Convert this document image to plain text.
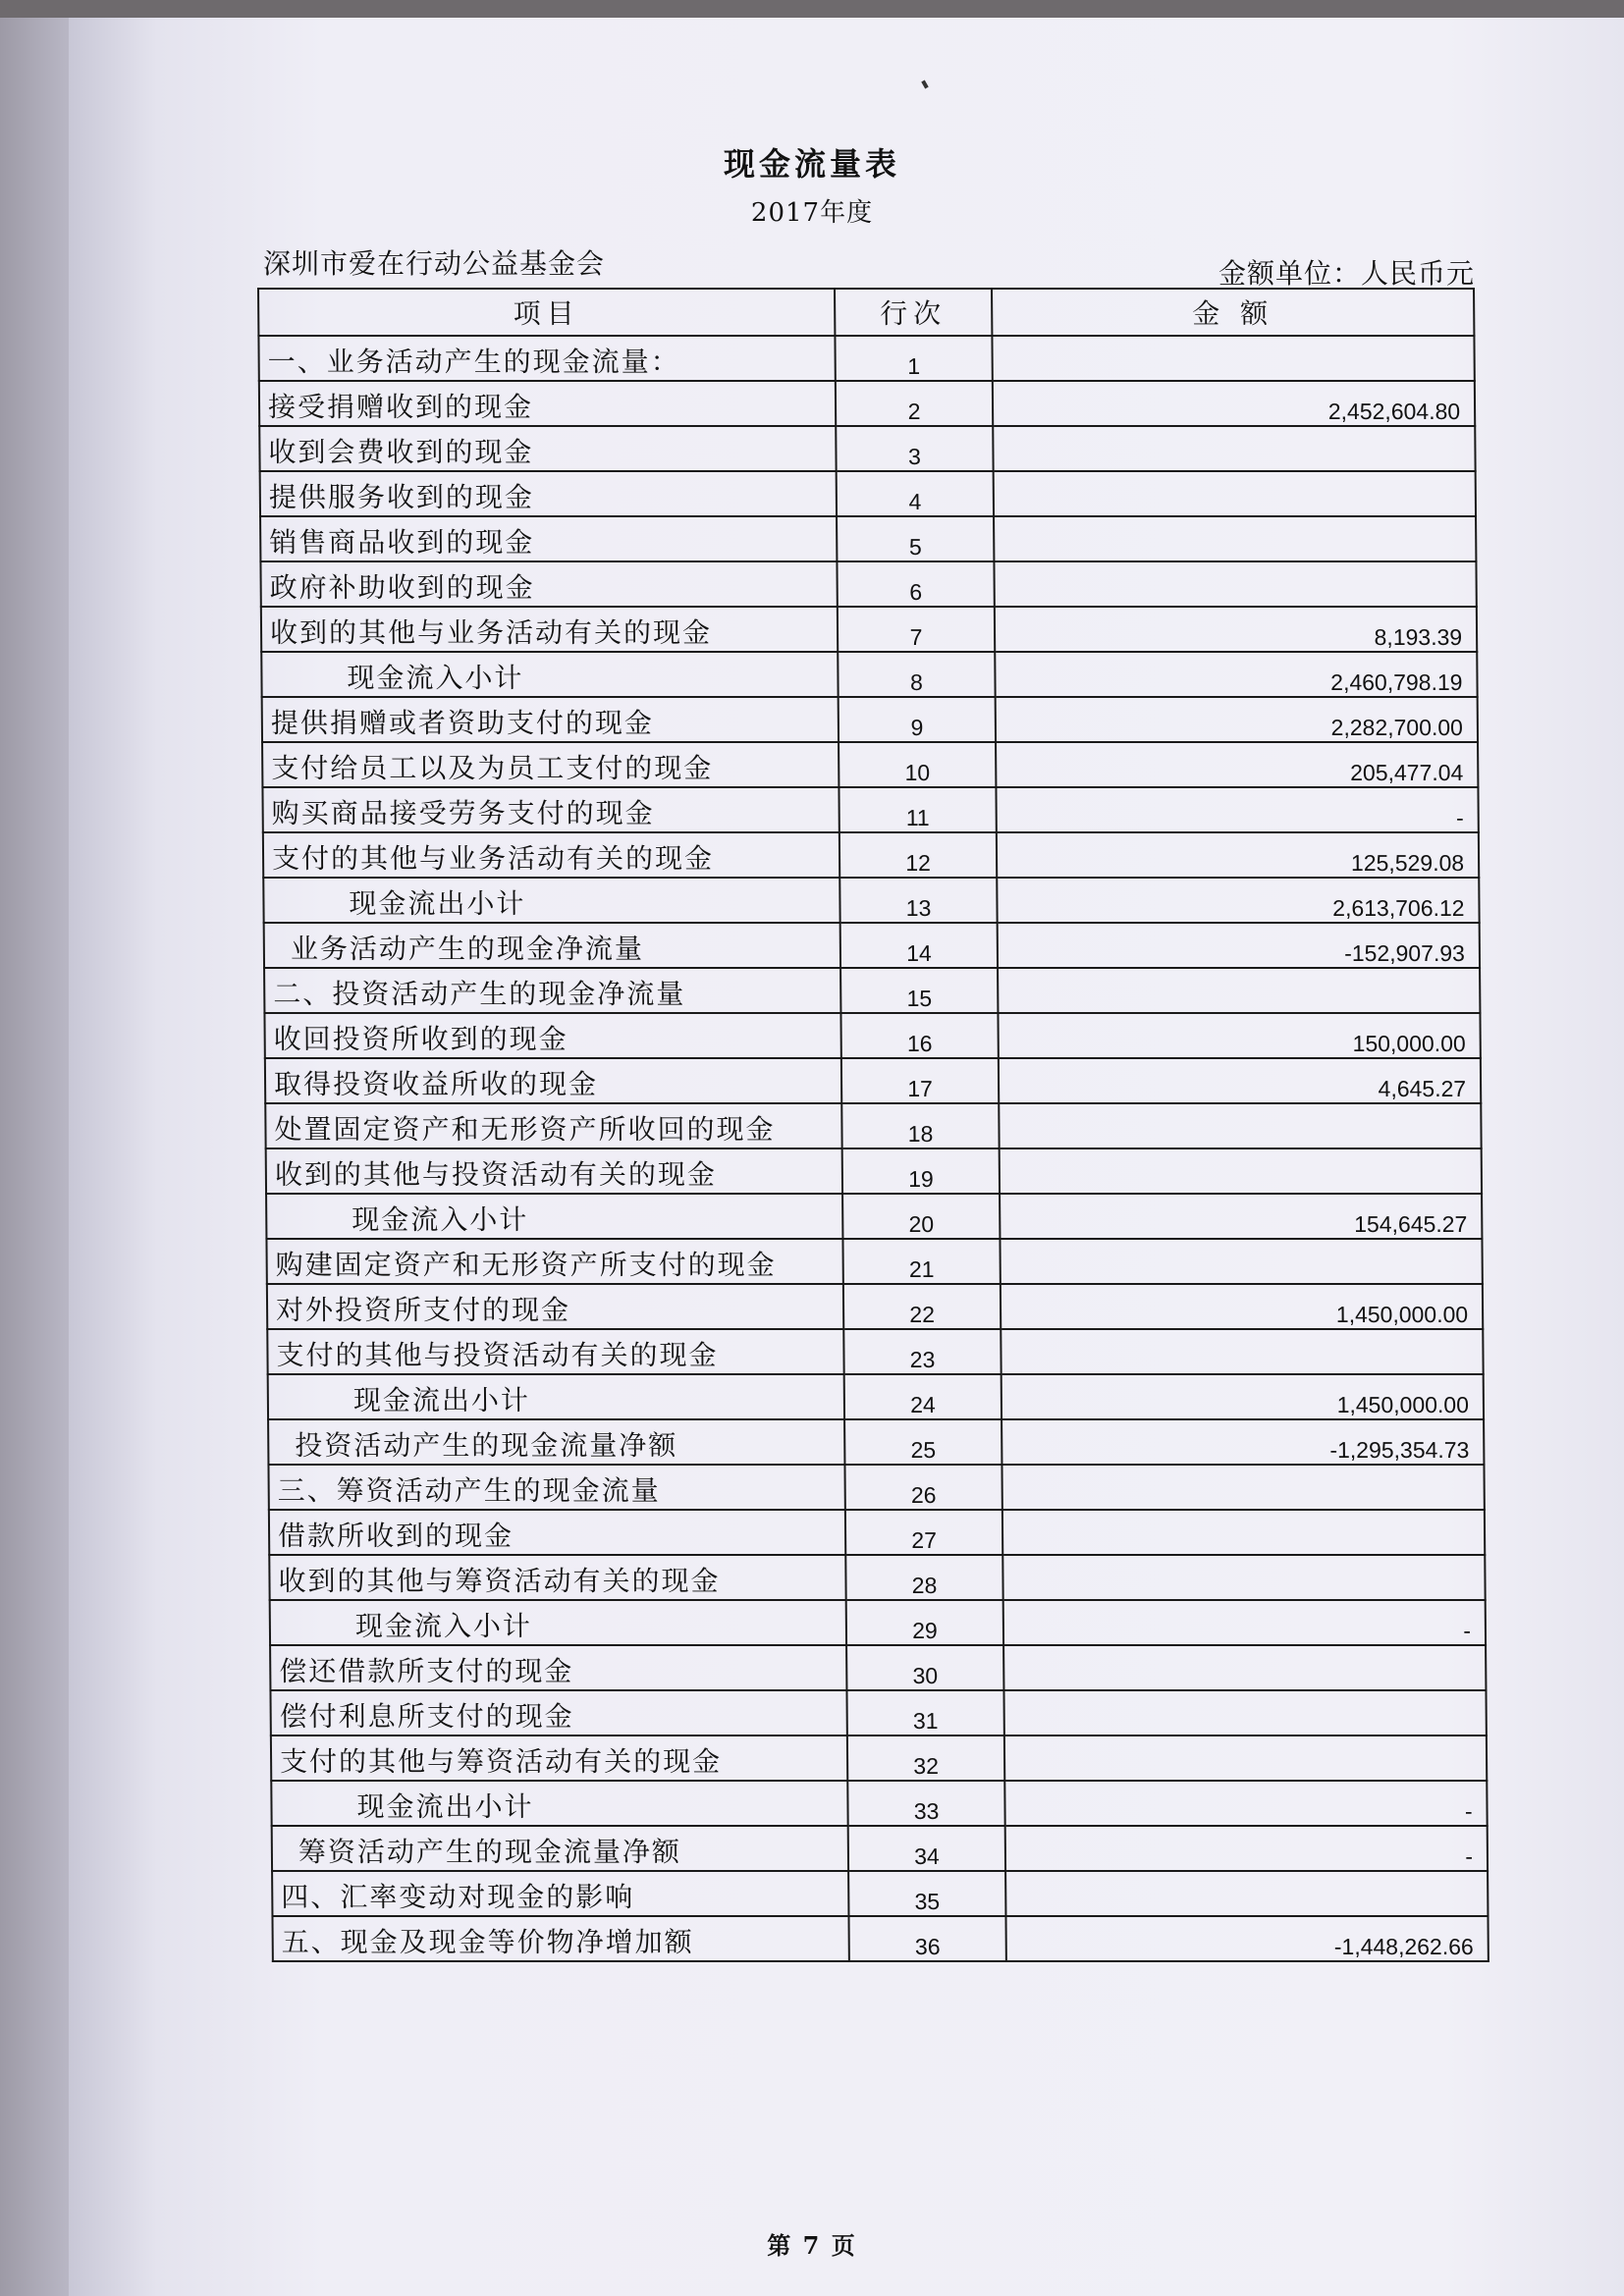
现金流量表
2017年度
深圳市爱在行动公益基金会	金额单位：人民币元
项目	行次	金 额
一、业务活动产生的现金流量：	1	
接受捐赠收到的现金	2	2,452,604.80
收到会费收到的现金	3	
提供服务收到的现金	4	
销售商品收到的现金	5	
政府补助收到的现金	6	
收到的其他与业务活动有关的现金	7	8,193.39
现金流入小计	8	2,460,798.19
提供捐赠或者资助支付的现金	9	2,282,700.00
支付给员工以及为员工支付的现金	10	205,477.04
购买商品接受劳务支付的现金	11	-
支付的其他与业务活动有关的现金	12	125,529.08
现金流出小计	13	2,613,706.12
业务活动产生的现金净流量	14	-152,907.93
二、投资活动产生的现金净流量	15	
收回投资所收到的现金	16	150,000.00
取得投资收益所收的现金	17	4,645.27
处置固定资产和无形资产所收回的现金	18	
收到的其他与投资活动有关的现金	19	
现金流入小计	20	154,645.27
购建固定资产和无形资产所支付的现金	21	
对外投资所支付的现金	22	1,450,000.00
支付的其他与投资活动有关的现金	23	
现金流出小计	24	1,450,000.00
投资活动产生的现金流量净额	25	-1,295,354.73
三、筹资活动产生的现金流量	26	
借款所收到的现金	27	
收到的其他与筹资活动有关的现金	28	
现金流入小计	29	-
偿还借款所支付的现金	30	
偿付利息所支付的现金	31	
支付的其他与筹资活动有关的现金	32	
现金流出小计	33	-
筹资活动产生的现金流量净额	34	-
四、汇率变动对现金的影响	35	
五、现金及现金等价物净增加额	36	-1,448,262.66
第 7 页
